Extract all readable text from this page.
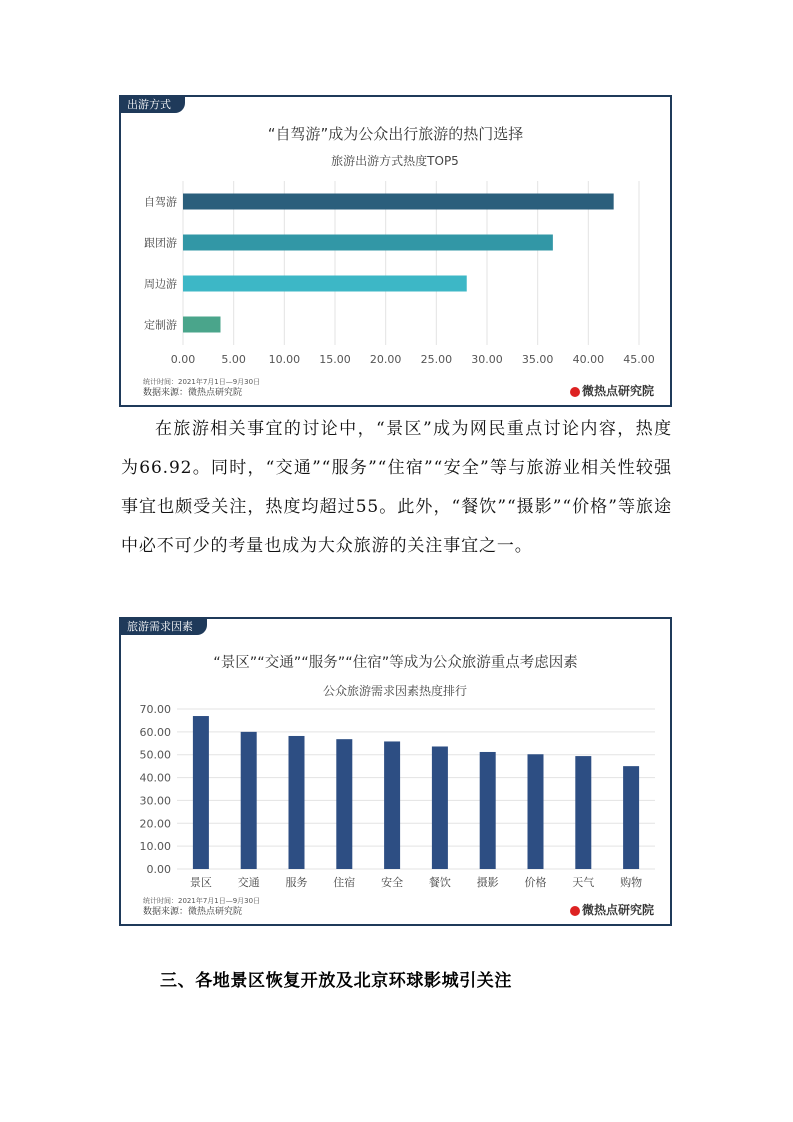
出游方式
“自驾游”成为公众出行旅游的热门选择
旅游出游方式热度TOP5
0.00 5.00 10.00 15.00 20.00 25.00 30.00 35.00 40.00 45.00
自驾游
跟团游
周边游
定制游
统计时间：2021年7月1日—9月30日
数据来源：微热点研究院	微热点研究院

在旅游相关事宜的讨论中，“景区”成为网民重点讨论内容，热度为66.92。同时，“交通”“服务”“住宿”“安全”等与旅游业相关性较强事宜也颇受关注，热度均超过55。此外，“餐饮”“摄影”“价格”等旅途中必不可少的考量也成为大众旅游的关注事宜之一。

旅游需求因素
“景区”“交通”“服务”“住宿”等成为公众旅游重点考虑因素
公众旅游需求因素热度排行
0.00
10.00
20.00
30.00
40.00
50.00
60.00
70.00
景区 交通 服务 住宿 安全 餐饮 摄影 价格 天气 购物
统计时间：2021年7月1日—9月30日
数据来源：微热点研究院	微热点研究院
三、各地景区恢复开放及北京环球影城引关注
